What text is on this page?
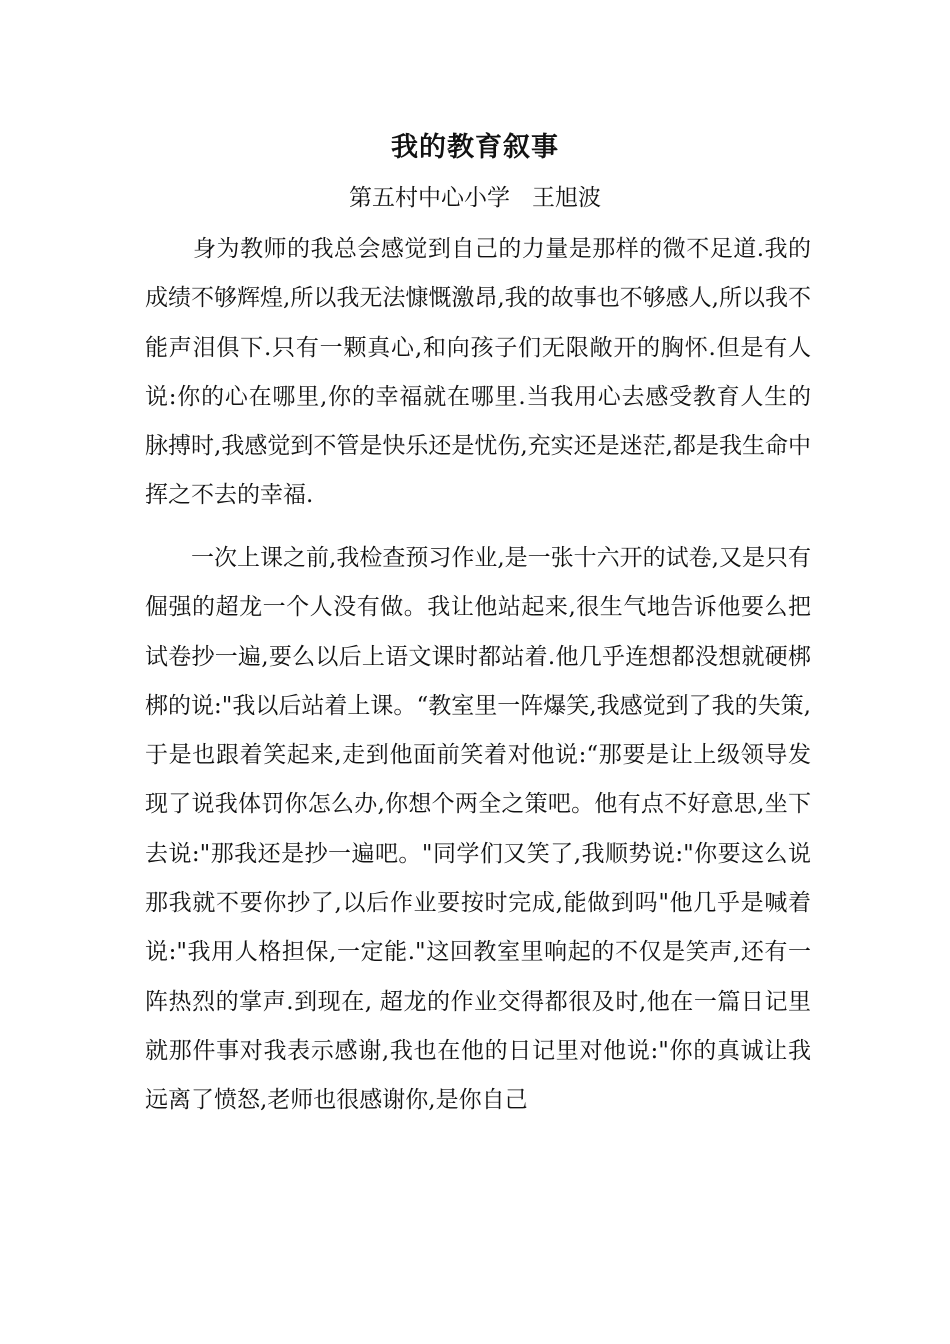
我的教育叙事
第五村中心小学   王旭波

身为教师的我总会感觉到自己的力量是那样的微不足道.我的成绩不够辉煌,所以我无法慷慨激昂,我的故事也不够感人,所以我不能声泪俱下.只有一颗真心,和向孩子们无限敞开的胸怀.但是有人说:你的心在哪里,你的幸福就在哪里.当我用心去感受教育人生的脉搏时,我感觉到不管是快乐还是忧伤,充实还是迷茫,都是我生命中挥之不去的幸福.

一次上课之前,我检查预习作业,是一张十六开的试卷,又是只有倔强的超龙一个人没有做。我让他站起来,很生气地告诉他要么把试卷抄一遍,要么以后上语文课时都站着.他几乎连想都没想就硬梆梆的说:"我以后站着上课。“教室里一阵爆笑,我感觉到了我的失策,于是也跟着笑起来,走到他面前笑着对他说:“那要是让上级领导发现了说我体罚你怎么办,你想个两全之策吧。他有点不好意思,坐下去说:"那我还是抄一遍吧。"同学们又笑了,我顺势说:"你要这么说那我就不要你抄了,以后作业要按时完成,能做到吗"他几乎是喊着说:"我用人格担保,一定能."这回教室里响起的不仅是笑声,还有一阵热烈的掌声.到现在, 超龙的作业交得都很及时,他在一篇日记里就那件事对我表示感谢,我也在他的日记里对他说:"你的真诚让我远离了愤怒,老师也很感谢你,是你自己
